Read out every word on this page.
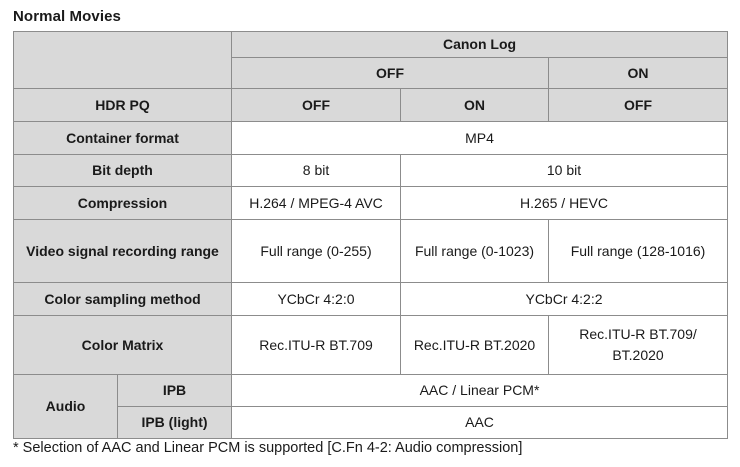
Normal Movies
		Canon Log		
		OFF		ON
HDR PQ		OFF	ON	OFF
Container format		MP4		
Bit depth		8 bit	10 bit	
Compression		H.264 / MPEG-4 AVC	H.265 / HEVC	
Video signal recording range		Full range (0-255)	Full range (0-1023)	Full range (128-1016)
Color sampling method		YCbCr 4:2:0	YCbCr 4:2:2	
Color Matrix		Rec.ITU-R BT.709	Rec.ITU-R BT.2020	Rec.ITU-R BT.709/ BT.2020
Audio	IPB	AAC / Linear PCM*		
	IPB (light)	AAC		
* Selection of AAC and Linear PCM is supported [C.Fn 4-2: Audio compression]
